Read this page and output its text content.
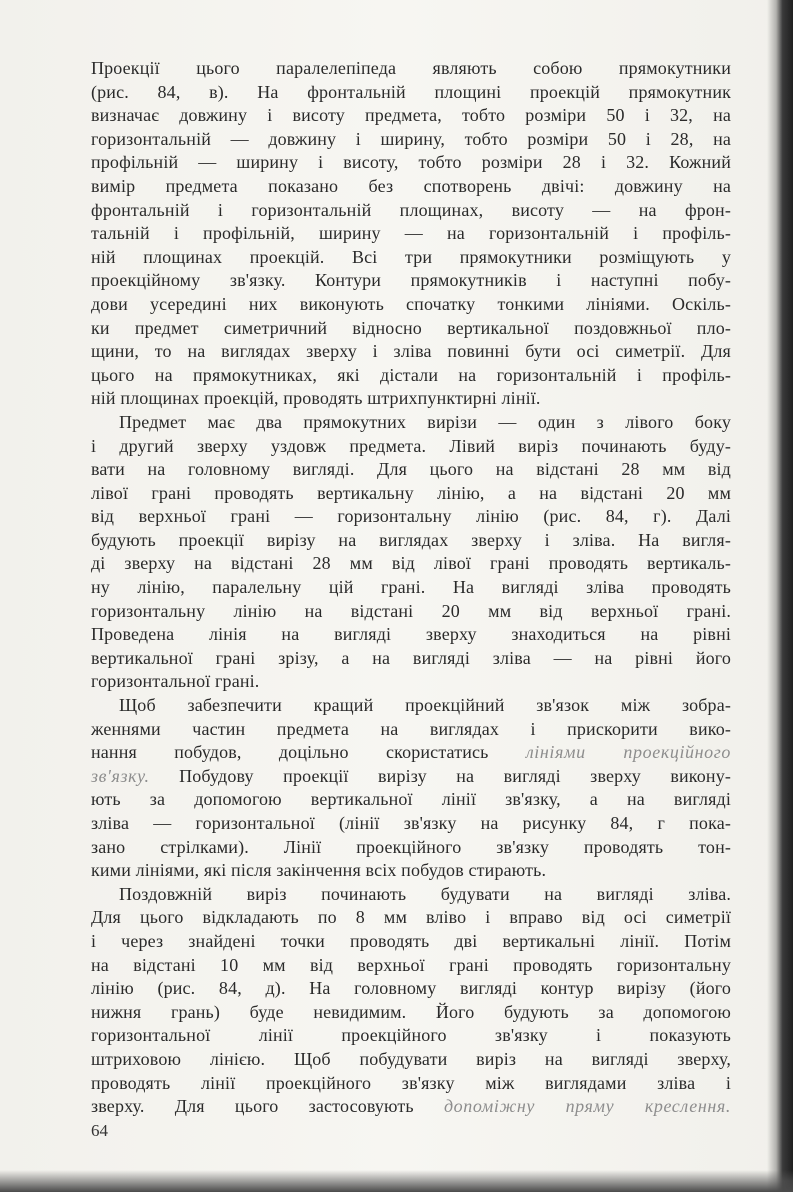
Проекції цього паралелепіпеда являють собою прямокутники
(рис. 84, в). На фронтальній площині проекцій прямокутник
визначає довжину і висоту предмета, тобто розміри 50 і 32, на
горизонтальній — довжину і ширину, тобто розміри 50 і 28, на
профільній — ширину і висоту, тобто розміри 28 і 32. Кожний
вимір предмета показано без спотворень двічі: довжину на
фронтальній і горизонтальній площинах, висоту — на фрон-
тальній і профільній, ширину — на горизонтальній і профіль-
ній площинах проекцій. Всі три прямокутники розміщують у
проекційному зв'язку. Контури прямокутників і наступні побу-
дови усередині них виконують спочатку тонкими лініями. Оскіль-
ки предмет симетричний відносно вертикальної поздовжньої пло-
щини, то на виглядах зверху і зліва повинні бути осі симетрії. Для
цього на прямокутниках, які дістали на горизонтальній і профіль-
ній площинах проекцій, проводять штрихпунктирні лінії.

Предмет має два прямокутних вирізи — один з лівого боку
і другий зверху уздовж предмета. Лівий виріз починають буду-
вати на головному вигляді. Для цього на відстані 28 мм від
лівої грані проводять вертикальну лінію, а на відстані 20 мм
від верхньої грані — горизонтальну лінію (рис. 84, г). Далі
будують проекції вирізу на виглядах зверху і зліва. На вигля-
ді зверху на відстані 28 мм від лівої грані проводять вертикаль-
ну лінію, паралельну цій грані. На вигляді зліва проводять
горизонтальну лінію на відстані 20 мм від верхньої грані.
Проведена лінія на вигляді зверху знаходиться на рівні
вертикальної грані зрізу, а на вигляді зліва — на рівні його
горизонтальної грані.

Щоб забезпечити кращий проекційний зв'язок між зобра-
женнями частин предмета на виглядах і прискорити вико-
нання побудов, доцільно скористатись лініями проекційного
зв'язку. Побудову проекції вирізу на вигляді зверху викону-
ють за допомогою вертикальної лінії зв'язку, а на вигляді
зліва — горизонтальної (лінії зв'язку на рисунку 84, г пока-
зано стрілками). Лінії проекційного зв'язку проводять тон-
кими лініями, які після закінчення всіх побудов стирають.

Поздовжній виріз починають будувати на вигляді зліва.
Для цього відкладають по 8 мм вліво і вправо від осі симетрії
і через знайдені точки проводять дві вертикальні лінії. Потім
на відстані 10 мм від верхньої грані проводять горизонтальну
лінію (рис. 84, д). На головному вигляді контур вирізу (його
нижня грань) буде невидимим. Його будують за допомогою
горизонтальної лінії проекційного зв'язку і показують
штриховою лінією. Щоб побудувати виріз на вигляді зверху,
проводять лінії проекційного зв'язку між виглядами зліва і
зверху. Для цього застосовують допоміжну пряму креслення.

64
